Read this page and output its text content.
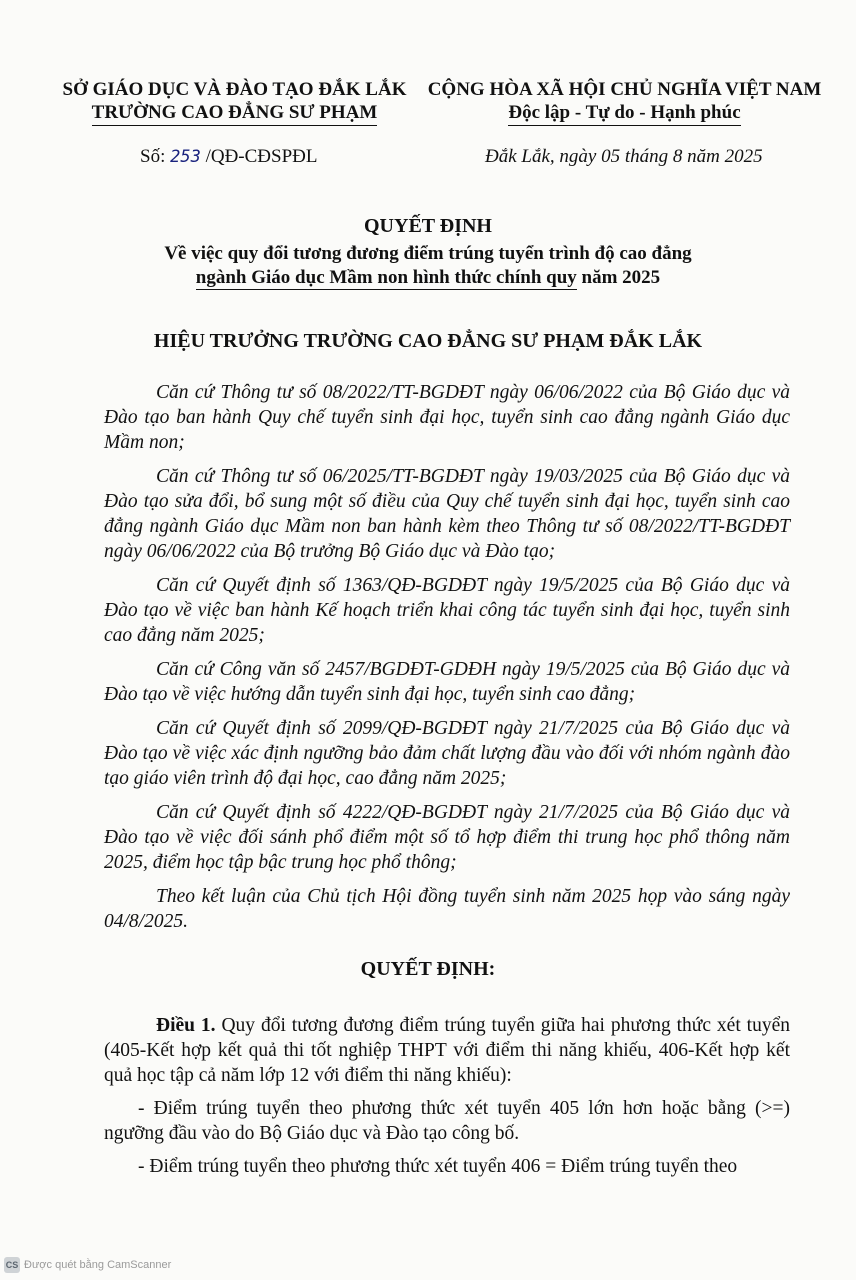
SỞ GIÁO DỤC VÀ ĐÀO TẠO ĐẮK LẮK
TRƯỜNG CAO ĐẲNG SƯ PHẠM
CỘNG HÒA XÃ HỘI CHỦ NGHĨA VIỆT NAM
Độc lập - Tự do - Hạnh phúc
Số: 253 /QĐ-CĐSPĐL	Đắk Lắk, ngày 05 tháng 8 năm 2025
QUYẾT ĐỊNH
Về việc quy đổi tương đương điểm trúng tuyển trình độ cao đẳng
ngành Giáo dục Mầm non hình thức chính quy năm 2025
HIỆU TRƯỞNG TRƯỜNG CAO ĐẲNG SƯ PHẠM ĐẮK LẮK

Căn cứ Thông tư số 08/2022/TT-BGDĐT ngày 06/06/2022 của Bộ Giáo dục và Đào tạo ban hành Quy chế tuyển sinh đại học, tuyển sinh cao đẳng ngành Giáo dục Mầm non;

Căn cứ Thông tư số 06/2025/TT-BGDĐT ngày 19/03/2025 của Bộ Giáo dục và Đào tạo sửa đổi, bổ sung một số điều của Quy chế tuyển sinh đại học, tuyển sinh cao đẳng ngành Giáo dục Mầm non ban hành kèm theo Thông tư số 08/2022/TT-BGDĐT ngày 06/06/2022 của Bộ trưởng Bộ Giáo dục và Đào tạo;

Căn cứ Quyết định số 1363/QĐ-BGDĐT ngày 19/5/2025 của Bộ Giáo dục và Đào tạo về việc ban hành Kế hoạch triển khai công tác tuyển sinh đại học, tuyển sinh cao đẳng năm 2025;

Căn cứ Công văn số 2457/BGDĐT-GDĐH ngày 19/5/2025 của Bộ Giáo dục và Đào tạo về việc hướng dẫn tuyển sinh đại học, tuyển sinh cao đẳng;

Căn cứ Quyết định số 2099/QĐ-BGDĐT ngày 21/7/2025 của Bộ Giáo dục và Đào tạo về việc xác định ngưỡng bảo đảm chất lượng đầu vào đối với nhóm ngành đào tạo giáo viên trình độ đại học, cao đẳng năm 2025;

Căn cứ Quyết định số 4222/QĐ-BGDĐT ngày 21/7/2025 của Bộ Giáo dục và Đào tạo về việc đối sánh phổ điểm một số tổ hợp điểm thi trung học phổ thông năm 2025, điểm học tập bậc trung học phổ thông;

Theo kết luận của Chủ tịch Hội đồng tuyển sinh năm 2025 họp vào sáng ngày 04/8/2025.

QUYẾT ĐỊNH:

Điều 1. Quy đổi tương đương điểm trúng tuyển giữa hai phương thức xét tuyển (405-Kết hợp kết quả thi tốt nghiệp THPT với điểm thi năng khiếu, 406-Kết hợp kết quả học tập cả năm lớp 12 với điểm thi năng khiếu):

- Điểm trúng tuyển theo phương thức xét tuyển 405 lớn hơn hoặc bằng (>=) ngưỡng đầu vào do Bộ Giáo dục và Đào tạo công bố.

- Điểm trúng tuyển theo phương thức xét tuyển 406 = Điểm trúng tuyển theo

CS Được quét bằng CamScanner
